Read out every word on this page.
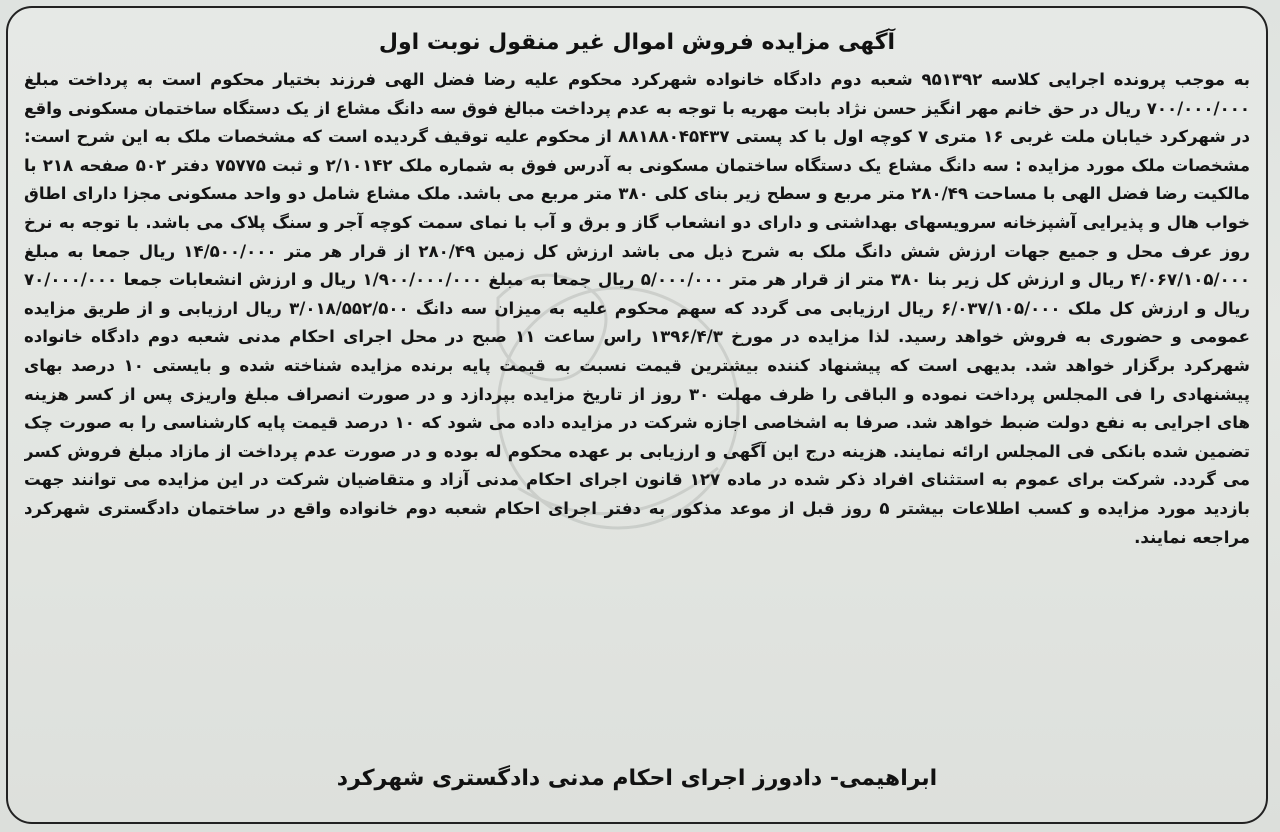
آگهی مزایده فروش اموال غیر منقول نوبت اول

به موجب پرونده اجرایی کلاسه ۹۵۱۳۹۲ شعبه دوم دادگاه خانواده شهرکرد محکوم علیه رضا فضل الهی فرزند بختیار محکوم است به پرداخت مبلغ ۷۰۰/۰۰۰/۰۰۰ ریال در حق خانم مهر انگیز حسن نژاد بابت مهریه با توجه به عدم پرداخت مبالغ فوق سه دانگ مشاع از یک دستگاه ساختمان مسکونی واقع در شهرکرد خیابان ملت غربی ۱۶ متری ۷ کوچه اول با کد پستی ۸۸۱۸۸۰۴۵۴۳۷ از محکوم علیه توقیف گردیده است که مشخصات ملک به این شرح است: مشخصات ملک مورد مزایده : سه دانگ مشاع یک دستگاه ساختمان مسکونی به آدرس فوق به شماره ملک ۲/۱۰۱۴۲ و ثبت ۷۵۷۷۵ دفتر ۵۰۲ صفحه ۲۱۸ با مالکیت رضا فضل الهی با مساحت ۲۸۰/۴۹ متر مربع و سطح زیر بنای کلی ۳۸۰ متر مربع می باشد. ملک مشاع شامل دو واحد مسکونی مجزا دارای اطاق خواب هال و پذیرایی آشپزخانه سرویسهای بهداشتی و دارای دو انشعاب گاز و برق و آب با نمای سمت کوچه آجر و سنگ پلاک می باشد. با توجه به نرخ روز عرف محل و جمیع جهات ارزش شش دانگ ملک به شرح ذیل می باشد ارزش کل زمین ۲۸۰/۴۹ از قرار هر متر ۱۴/۵۰۰/۰۰۰ ریال جمعا به مبلغ ۴/۰۶۷/۱۰۵/۰۰۰ ریال و ارزش کل زیر بنا ۳۸۰ متر از قرار هر متر ۵/۰۰۰/۰۰۰ ریال جمعا به مبلغ ۱/۹۰۰/۰۰۰/۰۰۰ ریال و ارزش انشعابات جمعا ۷۰/۰۰۰/۰۰۰ ریال و ارزش کل ملک ۶/۰۳۷/۱۰۵/۰۰۰ ریال ارزیابی می گردد که سهم محکوم علیه به میزان سه دانگ ۳/۰۱۸/۵۵۲/۵۰۰ ریال ارزیابی و از طریق مزایده عمومی و حضوری به فروش خواهد رسید. لذا مزایده در مورخ ۱۳۹۶/۴/۳ راس ساعت ۱۱ صبح در محل اجرای احکام مدنی شعبه دوم دادگاه خانواده شهرکرد برگزار خواهد شد. بدیهی است که پیشنهاد کننده بیشترین قیمت نسبت به قیمت پایه برنده مزایده شناخته شده و بایستی ۱۰ درصد بهای پیشنهادی را فی المجلس پرداخت نموده و الباقی را ظرف مهلت ۳۰ روز از تاریخ مزایده بپردازد و در صورت انصراف مبلغ واریزی پس از کسر هزینه های اجرایی به نفع دولت ضبط خواهد شد. صرفا به اشخاصی اجازه شرکت در مزایده داده می شود که ۱۰ درصد قیمت پایه کارشناسی را به صورت چک تضمین شده بانکی فی المجلس ارائه نمایند. هزینه درج این آگهی و ارزیابی بر عهده محکوم له بوده و در صورت عدم پرداخت از مازاد مبلغ فروش کسر می گردد. شرکت برای عموم به استثنای افراد ذکر شده در ماده ۱۲۷ قانون اجرای احکام مدنی آزاد و متقاضیان شرکت در این مزایده می توانند جهت بازدید مورد مزایده و کسب اطلاعات بیشتر ۵ روز قبل از موعد مذکور به دفتر اجرای احکام شعبه دوم خانواده واقع در ساختمان دادگستری شهرکرد مراجعه نمایند.

ابراهیمی- دادورز اجرای احکام مدنی دادگستری شهرکرد
